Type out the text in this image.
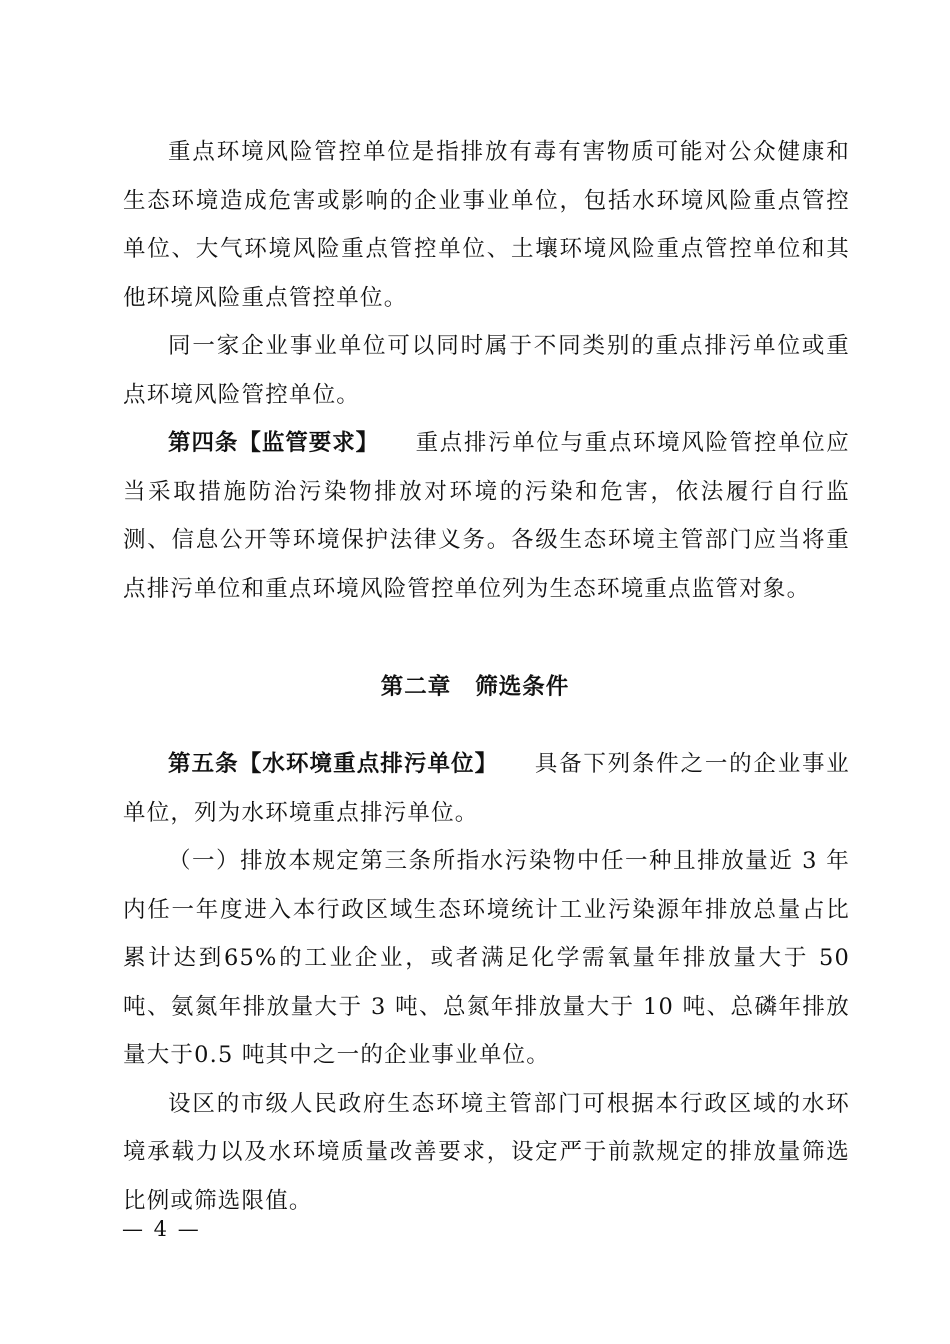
重点环境风险管控单位是指排放有毒有害物质可能对公众健康和生态环境造成危害或影响的企业事业单位，包括水环境风险重点管控单位、大气环境风险重点管控单位、土壤环境风险重点管控单位和其他环境风险重点管控单位。

同一家企业事业单位可以同时属于不同类别的重点排污单位或重点环境风险管控单位。

第四条【监管要求】 重点排污单位与重点环境风险管控单位应当采取措施防治污染物排放对环境的污染和危害，依法履行自行监测、信息公开等环境保护法律义务。各级生态环境主管部门应当将重点排污单位和重点环境风险管控单位列为生态环境重点监管对象。

第二章 筛选条件

第五条【水环境重点排污单位】 具备下列条件之一的企业事业单位，列为水环境重点排污单位。

（一）排放本规定第三条所指水污染物中任一种且排放量近 3 年内任一年度进入本行政区域生态环境统计工业污染源年排放总量占比累计达到65%的工业企业，或者满足化学需氧量年排放量大于 50 吨、氨氮年排放量大于 3 吨、总氮年排放量大于 10 吨、总磷年排放量大于0.5 吨其中之一的企业事业单位。

设区的市级人民政府生态环境主管部门可根据本行政区域的水环境承载力以及水环境质量改善要求，设定严于前款规定的排放量筛选比例或筛选限值。

— 4 —
